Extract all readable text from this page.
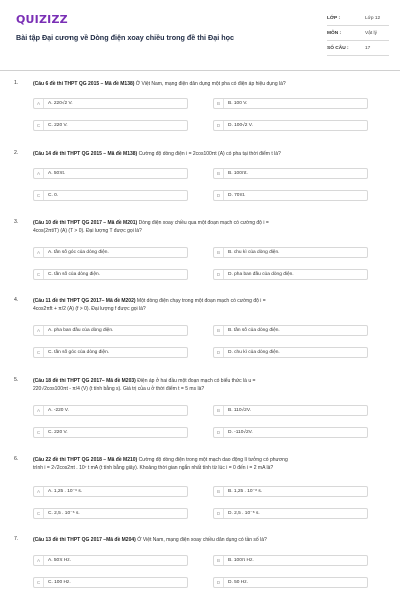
QUIZIZZ
Bài tập Đại cương về Dòng điện xoay chiều trong đề thi Đại học
LỚP :	Lớp 12
MÔN :	Vật lý
SỐ CÂU :	17
1.	(Câu 6 đề thi THPT QG 2015 – Mã đề M138) Ở Việt Nam, mạng điện dân dụng một pha có điện áp hiệu dụng là?
A	A. 220√2 V.	B	B. 100 V.
C	C. 220 V.	D	D. 100√2 V.
2.	(Câu 14 đề thi THPT QG 2015 – Mã đề M138) Cường độ dòng điện i = 2cos100πt (A) có pha tại thời điểm t là?
A	A. 50πt.	B	B. 100πt.
C	C. 0.	D	D. 70πt.
3.	(Câu 10 đề thi THPT QG 2017 – Mã đề M201) Dòng điện xoay chiều qua một đoạn mạch có cường độ i =
4cos(2πt/T) (A) (T > 0). Đại lượng T được gọi là?
A	A. tần số góc của dòng điện.	B	B. chu kì của dòng điện.
C	C. tần số của dòng điện.	D	D. pha ban đầu của dòng điện.
4.	(Câu 11 đề thi THPT QG 2017– Mã đề M202) Một dòng điện chạy trong một đoạn mạch có cường độ i =
4cos2πft + π/2 (A) (f > 0). Đại lượng f được gọi là?
A	A. pha ban đầu của dòng điện.	B	B. tần số của dòng điện.
C	C. tần số góc của dòng điện.	D	D. chu kì của dòng điện.
5.	(Câu 18 đề thi THPT QG 2017– Mã đề M203) Điện áp ở hai đầu một đoạn mạch có biểu thức là u =
220√2cos100πt - π/4 (V) (t tính bằng s). Giá trị của u ở thời điểm t = 5 ms là?
A	A. -220 V.	B	B. 110√2V.
C	C. 220 V.	D	D. -110√2V.
6.	(Câu 22 đề thi THPT QG 2018 – Mã đề M210) Cường độ dòng điện trong một mạch dao động lí tưởng có phương
trình i = 2√2cos2πt . 10⁷ t mA (t tính bằng giây). Khoảng thời gian ngắn nhất tính từ lúc i = 0 đến i = 2 mA là?
A	A. 1,25 . 10⁻⁶ s.	B	B. 1,25 . 10⁻⁸ s.
C	C. 2,5 . 10⁻⁶ s.	D	D. 2,5 . 10⁻⁸ s.
7.	(Câu 13 đề thi THPT QG 2017 –Mã đề M204) Ở Việt Nam, mạng điện xoay chiều dân dụng có tần số là?
A	A. 50π Hz.	B	B. 100π Hz.
C	C. 100 Hz.	D	D. 50 Hz.
